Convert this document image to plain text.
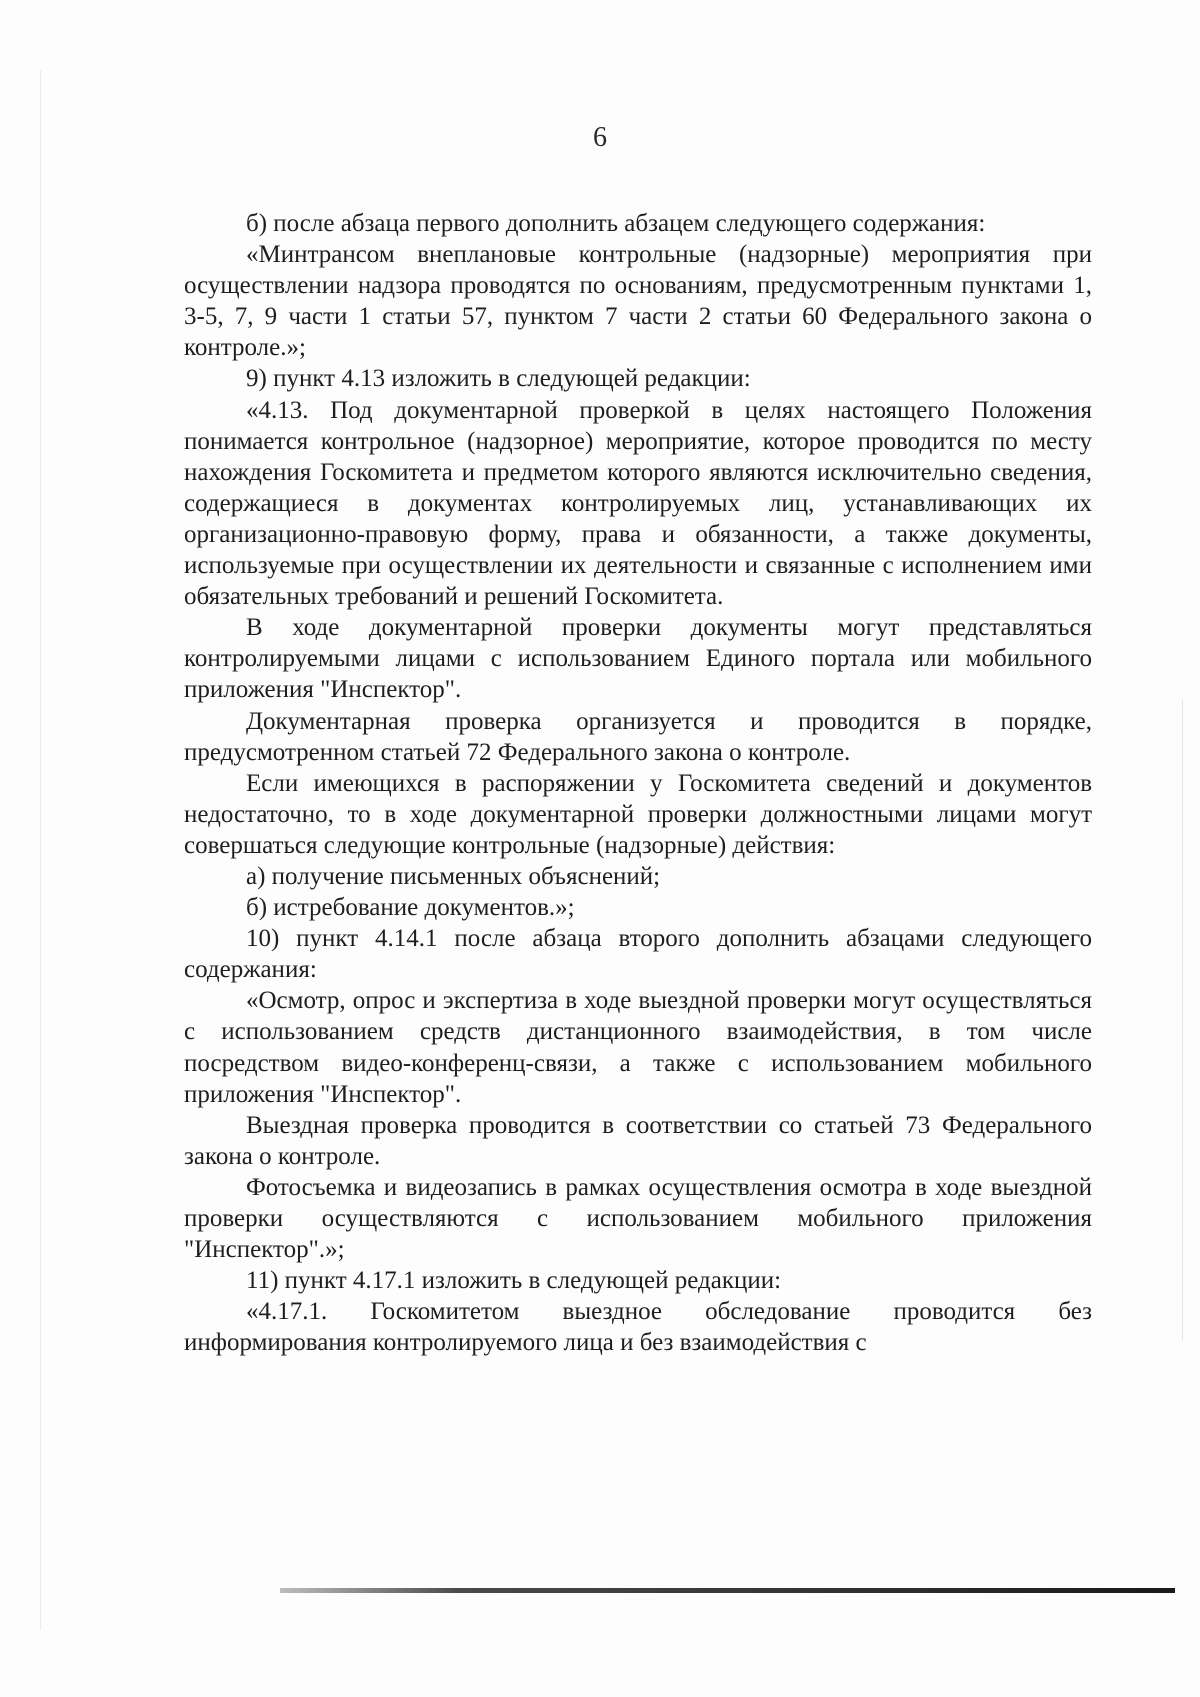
6

б) после абзаца первого дополнить абзацем следующего содержания:

«Минтрансом внеплановые контрольные (надзорные) мероприятия при осуществлении надзора проводятся по основаниям, предусмотренным пунктами 1, 3-5, 7, 9 части 1 статьи 57, пунктом 7 части 2 статьи 60 Федерального закона о контроле.»;

9) пункт 4.13 изложить в следующей редакции:

«4.13. Под документарной проверкой в целях настоящего Положения понимается контрольное (надзорное) мероприятие, которое проводится по месту нахождения Госкомитета и предметом которого являются исключительно сведения, содержащиеся в документах контролируемых лиц, устанавливающих их организационно-правовую форму, права и обязанности, а также документы, используемые при осуществлении их деятельности и связанные с исполнением ими обязательных требований и решений Госкомитета.

В ходе документарной проверки документы могут представляться контролируемыми лицами с использованием Единого портала или мобильного приложения "Инспектор".

Документарная проверка организуется и проводится в порядке, предусмотренном статьей 72 Федерального закона о контроле.

Если имеющихся в распоряжении у Госкомитета сведений и документов недостаточно, то в ходе документарной проверки должностными лицами могут совершаться следующие контрольные (надзорные) действия:

а) получение письменных объяснений;

б) истребование документов.»;

10) пункт 4.14.1 после абзаца второго дополнить абзацами следующего содержания:

«Осмотр, опрос и экспертиза в ходе выездной проверки могут осуществляться с использованием средств дистанционного взаимодействия, в том числе посредством видео-конференц-связи, а также с использованием мобильного приложения "Инспектор".

Выездная проверка проводится в соответствии со статьей 73 Федерального закона о контроле.

Фотосъемка и видеозапись в рамках осуществления осмотра в ходе выездной проверки осуществляются с использованием мобильного приложения "Инспектор".»;

11) пункт 4.17.1 изложить в следующей редакции:

«4.17.1. Госкомитетом выездное обследование проводится без информирования контролируемого лица и без взаимодействия с
